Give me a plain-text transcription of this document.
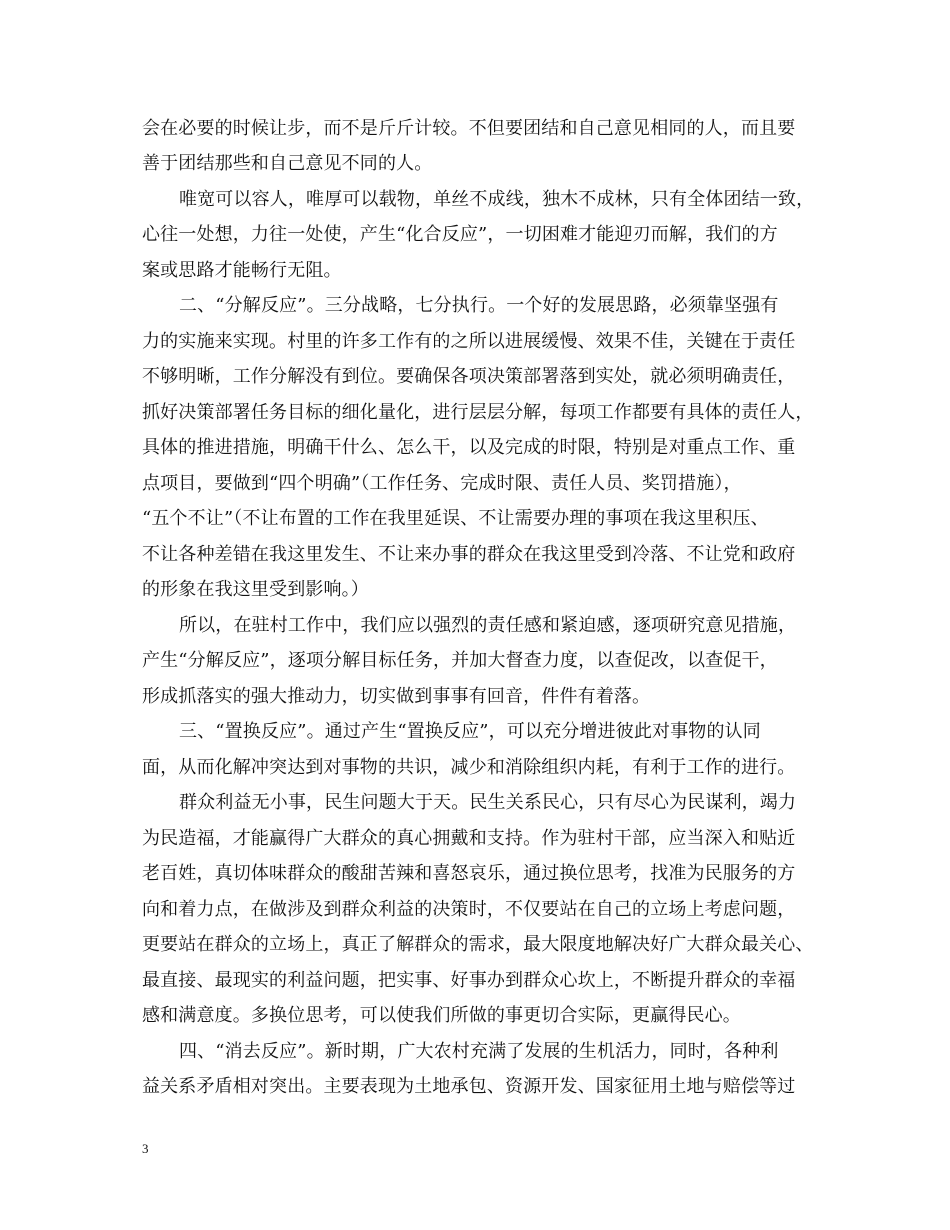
会在必要的时候让步，而不是斤斤计较。不但要团结和自己意见相同的人，而且要
善于团结那些和自己意见不同的人。
唯宽可以容人，唯厚可以载物，单丝不成线，独木不成林，只有全体团结一致，
心往一处想，力往一处使，产生“化合反应”，一切困难才能迎刃而解，我们的方
案或思路才能畅行无阻。
二、“分解反应”。三分战略，七分执行。一个好的发展思路，必须靠坚强有
力的实施来实现。村里的许多工作有的之所以进展缓慢、效果不佳，关键在于责任
不够明晰，工作分解没有到位。要确保各项决策部署落到实处，就必须明确责任，
抓好决策部署任务目标的细化量化，进行层层分解，每项工作都要有具体的责任人，
具体的推进措施，明确干什么、怎么干，以及完成的时限，特别是对重点工作、重
点项目，要做到“四个明确”（工作任务、完成时限、责任人员、奖罚措施），
“五个不让”（不让布置的工作在我里延误、不让需要办理的事项在我这里积压、
不让各种差错在我这里发生、不让来办事的群众在我这里受到冷落、不让党和政府
的形象在我这里受到影响。）
所以，在驻村工作中，我们应以强烈的责任感和紧迫感，逐项研究意见措施，
产生“分解反应”，逐项分解目标任务，并加大督查力度，以查促改，以查促干，
形成抓落实的强大推动力，切实做到事事有回音，件件有着落。
三、“置换反应”。通过产生“置换反应”，可以充分增进彼此对事物的认同
面，从而化解冲突达到对事物的共识，减少和消除组织内耗，有利于工作的进行。
群众利益无小事，民生问题大于天。民生关系民心，只有尽心为民谋利，竭力
为民造福，才能赢得广大群众的真心拥戴和支持。作为驻村干部，应当深入和贴近
老百姓，真切体味群众的酸甜苦辣和喜怒哀乐，通过换位思考，找准为民服务的方
向和着力点，在做涉及到群众利益的决策时，不仅要站在自己的立场上考虑问题，
更要站在群众的立场上，真正了解群众的需求，最大限度地解决好广大群众最关心、
最直接、最现实的利益问题，把实事、好事办到群众心坎上，不断提升群众的幸福
感和满意度。多换位思考，可以使我们所做的事更切合实际，更赢得民心。
四、“消去反应”。新时期，广大农村充满了发展的生机活力，同时，各种利
益关系矛盾相对突出。主要表现为土地承包、资源开发、国家征用土地与赔偿等过
3
